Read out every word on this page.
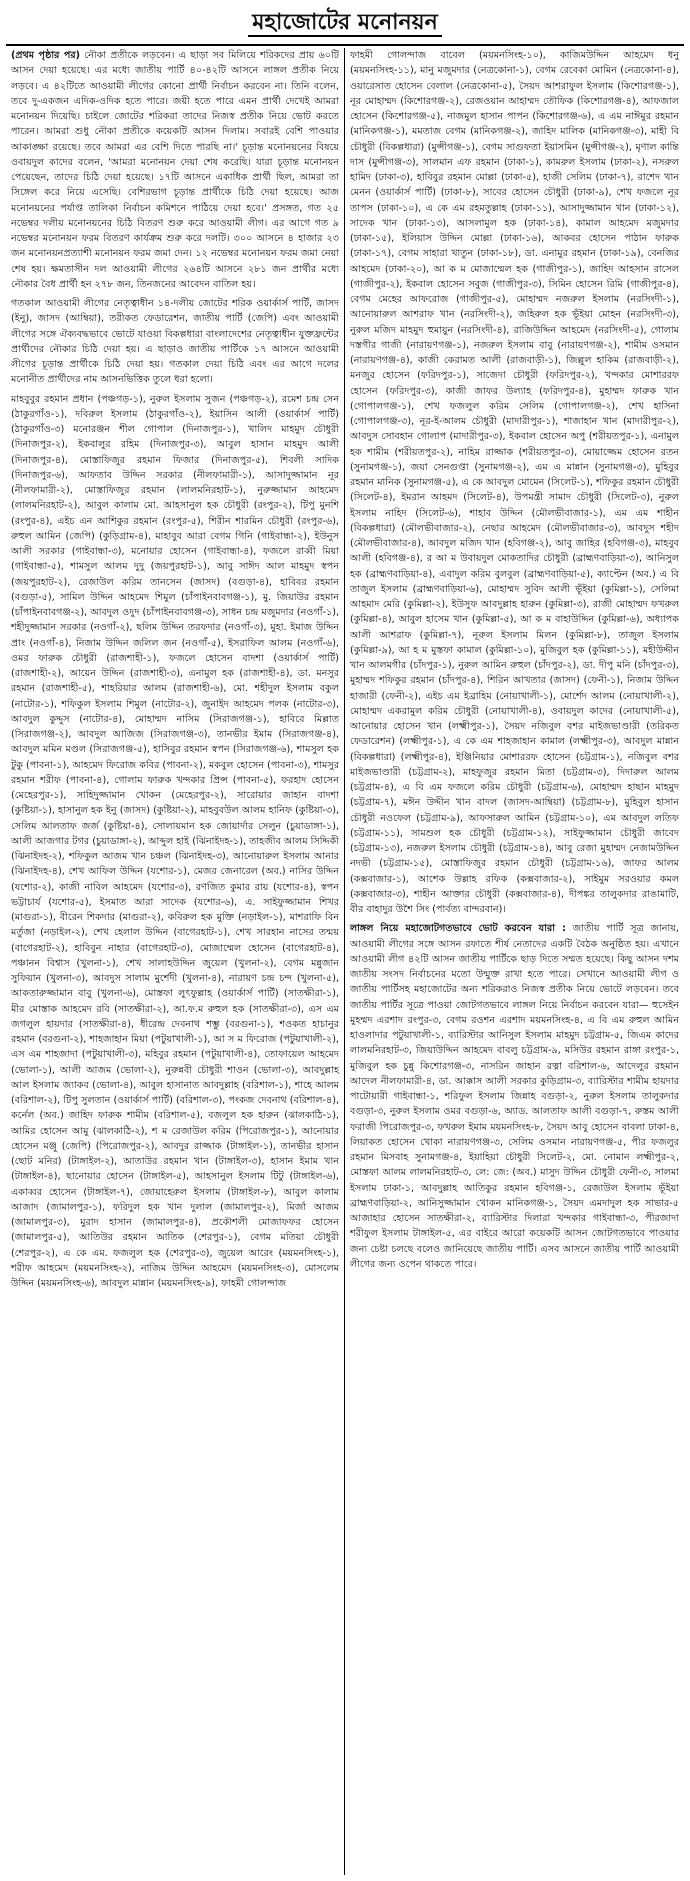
মহাজোটের মনোনয়ন

(প্রথম পৃষ্ঠার পর) নৌকা প্রতীকে লড়বেন। এ ছাড়া সব মিলিয়ে শরিকদের প্রায় ৬০টি আসন দেয়া হয়েছে। এর মধ্যে জাতীয় পার্টি ৪০-৪২টি আসনে লাঙ্গল প্রতীক নিয়ে লড়বে। এ ৪২টিতে আওয়ামী লীগের কোনো প্রার্থী নির্বাচন করবেন না। তিনি বলেন, তবে দু-একজন এদিক-ওদিক হতে পারে। জয়ী হতে পারে এমন প্রার্থী দেখেই আমরা মনোনয়ন দিয়েছি। চাইলে জোটের শরিকরা তাদের নিজস্ব প্রতীক নিয়ে ভোট করতে পারেন। আমরা শুধু নৌকা প্রতীকে কয়েকটি আসন দিলাম। সবারই বেশি পাওয়ার আকাঙ্ক্ষা রয়েছে। তবে আমরা এর বেশি দিতে পারছি না।' চূড়ান্ত মনোনয়নের বিষয়ে ওবায়দুল কাদের বলেন, 'আমরা মনোনয়ন দেয়া শেষ করেছি। যারা চূড়ান্ত মনোনয়ন পেয়েছেন, তাদের চিঠি দেয়া হয়েছে। ১৭টি আসনে একাধিক প্রার্থী ছিল, আমরা তা সিঙ্গেল করে নিয়ে এসেছি। বেশিরভাগ চূড়ান্ত প্রার্থীকে চিঠি দেয়া হয়েছে। আজ মনোনয়নের পর্যাপ্ত তালিকা নির্বাচন কমিশনে পাঠিয়ে দেয়া হবে।' প্রসঙ্গত, গত ২৫ নভেম্বর দলীয় মনোনয়নের চিঠি বিতরণ শুরু করে আওয়ামী লীগ। এর আগে গত ৯ নভেম্বর মনোনয়ন ফরম বিতরণ কার্যক্রম শুরু করে দলটি। ৩০০ আসনে ৪ হাজার ২৩ জন মনোনয়নপ্রত্যাশী মনোনয়ন ফরম জমা দেন। ১২ নভেম্বর মনোনয়ন ফরম জমা নেয়া শেষ হয়। ক্ষমতাসীন দল আওয়ামী লীগের ২৬৪টি আসনে ২৮১ জন প্রার্থীর মধ্যে নৌকার বৈধ প্রার্থী হন ২৭৮ জন, তিনজনের আবেদন বাতিল হয়।

গতকাল আওয়ামী লীগের নেতৃত্বাধীন ১৪-দলীয় জোটের শরিক ওয়ার্কার্স পার্টি, জাসদ (ইনু), জাসদ (আম্বিয়া), তরীকত ফেডারেশন, জাতীয় পার্টি (জেপি) এবং আওয়ামী লীগের সঙ্গে ঐক্যবদ্ধভাবে ভোটে যাওয়া বিকল্পধারা বাংলাদেশের নেতৃত্বাধীন যুক্তফ্রন্টের প্রার্থীদের নৌকার চিঠি দেয়া হয়। এ ছাড়াও জাতীয় পার্টিকে ১৭ আসনে আওয়ামী লীগের চূড়ান্ত প্রার্থীকে চিঠি দেয়া হয়। গতকাল দেয়া চিঠি এবং এর আগে দলের মনোনীত প্রার্থীদের নাম আসনভিত্তিক তুলে ধরা হলো।

মাহবুবুর রহমান প্রধান (পঞ্চগড়-১), নুরুল ইসলাম সুজন (পঞ্চগড়-২), রমেশ চন্দ্র সেন (ঠাকুরগাঁও-১), দবিরুল ইসলাম (ঠাকুরগাঁও-২), ইয়াসিন আলী (ওয়ার্কার্স পার্টি) (ঠাকুরগাঁও-৩) মনোরঞ্জন শীল গোপাল (দিনাজপুর-১), খালিদ মাহমুদ চৌধুরী (দিনাজপুর-২), ইকবালুর রহিম (দিনাজপুর-৩), আবুল হাসান মাহমুদ আলী (দিনাজপুর-৪), মোস্তাফিজুর রহমান ফিজার (দিনাজপুর-৫), শিবলী সাদিক (দিনাজপুর-৬), আফতাব উদ্দিন সরকার (নীলফামারী-১), আসাদুজ্জামান নূর (নীলফামারী-২), মোস্তাফিজুর রহমান (লালমনিরহাট-১), নুরুজ্জামান আহমেদ (লালমনিরহাট-২), আবুল কালাম মো. আহসানুল হক চৌধুরী (রংপুর-২), টিপু মুনশি (রংপুর-৪), এইচ এন আশিকুর রহমান (রংপুর-৫), শিরীন শারমিন চৌধুরী (রংপুর-৬), রুহুল আমিন (জেপি) (কুড়িগ্রাম-৪), মাহাবুব আরা বেগম গিনি (গাইবান্ধা-২), ইউনুস আলী সরকার (গাইবান্ধা-৩), মনোয়ার হোসেন (গাইবান্ধা-৪), ফজলে রাব্বী মিয়া (গাইবান্ধা-৫), শামসুল আলম দুদু (জয়পুরহাট-১), আবু সাঈদ আল মাহমুদ স্বপন (জয়পুরহাট-২), রেজাউল করিম তানসেন (জাসদ) (বগুড়া-৪), হাবিবর রহমান (বগুড়া-৫), সামিল উদ্দিন আহমেদ শিমুল (চাঁপাইনবাবগঞ্জ-১), মু. জিয়াউর রহমান (চাঁপাইনবাবগঞ্জ-২), আবদুল ওদুদ (চাঁপাইনবাবগঞ্জ-৩), সাধন চন্দ্র মজুমদার (নওগাঁ-১), শহীদুজ্জামান সরকার (নওগাঁ-২), ছলিম উদ্দিন তরফদার (নওগাঁ-৩), মুহা. ইমাজ উদ্দিন প্রাং (নওগাঁ-৪), নিজাম উদ্দিন জলিল জন (নওগাঁ-৫), ইসরাফিল আলম (নওগাঁ-৬), ওমর ফারুক চৌধুরী (রাজশাহী-১), ফজলে হোসেন বাদশা (ওয়ার্কার্স পার্টি) (রাজশাহী-২), আয়েন উদ্দিন (রাজশাহী-৩), এনামুল হক (রাজশাহী-৪), ডা. মনসুর রহমান (রাজশাহী-৫), শাহরিয়ার আলম (রাজশাহী-৬), মো. শহীদুল ইসলাম বকুল (নাটোর-১), শফিকুল ইসলাম শিমুল (নাটোর-২), জুনাইদ আহমেদ পলক (নাটোর-৩), আবদুল কুদ্দুস (নাটোর-৪), মোহাম্মদ নাসিম (সিরাজগঞ্জ-১), হাবিবে মিল্লাত (সিরাজগঞ্জ-২), আবদুল আজিজ (সিরাজগঞ্জ-৩), তানভীর ইমাম (সিরাজগঞ্জ-৪), আবদুল মমিন মণ্ডল (সিরাজগঞ্জ-৫), হাসিবুর রহমান স্বপন (সিরাজগঞ্জ-৬), শামসুল হক টুকু (পাবনা-১), আহমেদ ফিরোজ কবির (পাবনা-২), মকবুল হোসেন (পাবনা-৩), শামসুর রহমান শরীফ (পাবনা-৪), গোলাম ফারুক খন্দকার প্রিন্স (পাবনা-৫), ফরহাদ হোসেন (মেহেরপুর-১), সাহিদুজ্জামান খোকন (মেহেরপুর-২), সারোয়ার জাহান বাদশা (কুষ্টিয়া-১), হাসানুল হক ইনু (জাসদ) (কুষ্টিয়া-২), মাহবুবউল আলম হানিফ (কুষ্টিয়া-৩), সেলিম আলতাফ জর্জ (কুষ্টিয়া-৪), সোলায়মান হক জোয়ার্দার সেলুন (চুয়াডাঙ্গা-১), আলী আজগার টগর (চুয়াডাঙ্গা-২), আব্দুল হাই (ঝিনাইদহ-১), তাহজীব আলম সিদ্দিকী (ঝিনাইদহ-২), শফিকুল আজম খান চঞ্চল (ঝিনাইদহ-৩), আনোয়ারুল ইসলাম আনার (ঝিনাইদহ-৪), শেখ আফিল উদ্দিন (যশোর-১), মেজর জেনারেল (অব.) নাসির উদ্দিন (যশোর-২), কাজী নাবিল আহমেদ (যশোর-৩), রণজিত কুমার রায় (যশোর-৪), স্বপন ভট্টাচার্য (যশোর-৫), ইসমাত আরা সাদেক (যশোর-৬), এ. সাইফুজ্জামান শিখর (মাগুরা-১), বীরেন শিকদার (মাগুরা-২), কবিরুল হক মুক্তি (নড়াইল-১), মাশরাফি বিন মর্তুজা (নড়াইল-২), শেখ হেলাল উদ্দিন (বাগেরহাট-১), শেখ সারহান নাসের তন্ময় (বাগেরহাট-২), হাবিবুন নাহার (বাগেরহাট-৩), মোজাম্মেল হোসেন (বাগেরহাট-৪), পঞ্চানন বিশ্বাস (খুলনা-১), শেখ সালাহউদ্দিন জুয়েল (খুলনা-২), বেগম মন্নুজান সুফিয়ান (খুলনা-৩), আবদুস সালাম মুর্শেদী (খুলনা-৪), নারায়ণ চন্দ্র চন্দ (খুলনা-৫), আকতারুজ্জামান বাবু (খুলনা-৬), মোস্তফা লুৎফুল্লাহ (ওয়ার্কার্স পার্টি) (সাতক্ষীরা-১), মীর মোস্তাক আহমেদ রবি (সাতক্ষীরা-২), আ.ফ.ম রুহুল হক (সাতক্ষীরা-৩), এস এম জগলুল হায়দার (সাতক্ষীরা-৪), ধীরেন্দ্র দেবনাথ শম্ভু (বরগুনা-১), শওকত হাচানুর রহমান (বরগুনা-২), শাহজাহান মিয়া (পটুয়াখালী-১), আ স ম ফিরোজ (পটুয়াখালী-২), এস এম শাহজাদা (পটুয়াখালী-৩), মহিবুর রহমান (পটুয়াখালী-৪), তোফায়েল আহমেদ (ভোলা-১), আলী আজম (ভোলা-২), নুরুন্নবী চৌধুরী শাওন (ভোলা-৩), আবদুল্লাহ আল ইসলাম জ্যাকব (ভোলা-৪), আবুল হাসানাত আবদুল্লাহ (বরিশাল-১), শাহে আলম (বরিশাল-২), টিপু সুলতান (ওয়ার্কার্স পার্টি) (বরিশাল-৩), পংকজ দেবনাথ (বরিশাল-৪), কর্নেল (অব.) জাহিদ ফারুক শামীম (বরিশাল-৫), বজলুল হক হারুন (ঝালকাঠি-১), আমির হোসেন আমু (ঝালকাঠি-২), শ ম রেজাউল করিম (পিরোজপুর-১), আনোয়ার হোসেন মঞ্জু (জেপি) (পিরোজপুর-২), আবদুর রাজ্জাক (টাঙ্গাইল-১), তানভীর হাসান (ছোট মনির) (টাঙ্গাইল-২), আতাউর রহমান খান (টাঙ্গাইল-৩), হাসান ইমাম খান (টাঙ্গাইল-৪), ছানোয়ার হোসেন (টাঙ্গাইল-৫), আহসানুল ইসলাম টিটু (টাঙ্গাইল-৬), একাব্বর হোসেন (টাঙ্গাইল-৭), জোয়াহেরুল ইসলাম (টাঙ্গাইল-৮), আবুল কালাম আজাদ (জামালপুর-১), ফরিদুল হক খান দুলাল (জামালপুর-২), মির্জা আজম (জামালপুর-৩), মুরাদ হাসান (জামালপুর-৪), প্রকৌশলী মোজাফফর হোসেন (জামালপুর-৫), আতিউর রহমান আতিক (শেরপুর-১), বেগম মতিয়া চৌধুরী (শেরপুর-২), এ কে এম. ফজলুল হক (শেরপুর-৩), জুয়েল আরেং (ময়মনসিংহ-১), শরীফ আহমেদ (ময়মনসিংহ-২), নাজিম উদ্দিন আহমেদ (ময়মনসিংহ-৩), মোসলেম উদ্দিন (ময়মনসিংহ-৬), আবদুল মান্নান (ময়মনসিংহ-৯), ফাহমী গোলন্দাজ

ফাহমী গোলন্দাজ বাবেল (ময়মনসিংহ-১০), কাজিমউদ্দিন আহমেদ ধনু (ময়মনসিংহ-১১), মানু মজুমদার (নেত্রকোনা-১), বেগম রেবেকা মোমিন (নেত্রকোনা-৪), ওয়ারেসাত হোসেন বেলাল (নেত্রকোনা-৫), সৈয়দ আশরাফুল ইসলাম (কিশোরগঞ্জ-১), নূর মোহাম্মদ (কিশোরগঞ্জ-২), রেজওয়ান আহাম্মদ তৌফিক (কিশোরগঞ্জ-৪), আফজাল হোসেন (কিশোরগঞ্জ-৫), নাজমুল হাসান পাপন (কিশোরগঞ্জ-৬), এ এম নাঈমুর রহমান (মানিকগঞ্জ-১), মমতাজ বেগম (মানিকগঞ্জ-২), জাহিদ মালিক (মানিকগঞ্জ-৩), মাহী বি চৌধুরী (বিকল্পধারা) (মুন্সীগঞ্জ-১), বেগম সাগুফতা ইয়াসমিন (মুন্সীগঞ্জ-২), মৃণাল কান্তি দাস (মুন্সীগঞ্জ-৩), সালমান এফ রহমান (ঢাকা-১), কামরুল ইসলাম (ঢাকা-২), নসরুল হামিদ (ঢাকা-৩), হাবিবুর রহমান মোল্লা (ঢাকা-৫), হাজী সেলিম (ঢাকা-৭), রাশেদ খান মেনন (ওয়ার্কার্স পার্টি) (ঢাকা-৮), সাবের হোসেন চৌধুরী (ঢাকা-৯), শেখ ফজলে নূর তাপস (ঢাকা-১০), এ কে এম রহমতুল্লাহ (ঢাকা-১১), আসাদুজ্জামান খান (ঢাকা-১২), সাদেক খান (ঢাকা-১৩), আসলামুল হক (ঢাকা-১৪), কামাল আহমেদ মজুমদার (ঢাকা-১৫), ইলিয়াস উদ্দিন মোল্লা (ঢাকা-১৬), আকবর হোসেন পাঠান ফারুক (ঢাকা-১৭), বেগম সাহারা খাতুন (ঢাকা-১৮), ডা. এনামুর রহমান (ঢাকা-১৯), বেনজির আহমেদ (ঢাকা-২০), আ ক ম মোজাম্মেল হক (গাজীপুর-১), জাহিদ আহসান রাসেল (গাজীপুর-২), ইকবাল হোসেন সবুজ (গাজীপুর-৩), সিমিন হোসেন রিমি (গাজীপুর-৪), বেগম মেহের আফরোজ (গাজীপুর-৫), মোহাম্মদ নজরুল ইসলাম (নরসিংদী-১), আনোয়ারুল আশরাফ খান (নরসিংদী-২), জহিরুল হক ভূঁইয়া মোহন (নরসিংদী-৩), নুরুল মজিদ মাহমুদ হুমায়ুন (নরসিংদী-৪), রাজিউদ্দিন আহমেদ (নরসিংদী-৫), গোলাম দস্তগীর গাজী (নারায়ণগঞ্জ-১), নজরুল ইসলাম বাবু (নারায়ণগঞ্জ-২), শামীম ওসমান (নারায়ণগঞ্জ-৪), কাজী কেরামত আলী (রাজবাড়ী-১), জিল্লুল হাকিম (রাজবাড়ী-২), মনজুর হোসেন (ফরিদপুর-১), সাজেদা চৌধুরী (ফরিদপুর-২), খন্দকার মোশাররফ হোসেন (ফরিদপুর-৩), কাজী জাফর উল্যাহ (ফরিদপুর-৪), মুহাম্মদ ফারুক খান (গোপালগঞ্জ-১), শেখ ফজলুল করিম সেলিম (গোপালগঞ্জ-২), শেখ হাসিনা (গোপালগঞ্জ-৩), নূর-ই-আলম চৌধুরী (মাদারীপুর-১), শাজাহান খান (মাদারীপুর-২), আবদুস সোবহান গোলাপ (মাদারীপুর-৩), ইকবাল হোসেন অপু (শরীয়তপুর-১), এনামুল হক শামীম (শরীয়তপুর-২), নাহিম রাজ্জাক (শরীয়তপুর-৩), মোয়াজ্জেম হোসেন রতন (সুনামগঞ্জ-১), জয়া সেনগুপ্তা (সুনামগঞ্জ-২), এম এ মান্নান (সুনামগঞ্জ-৩), মুহিবুর রহমান মানিক (সুনামগঞ্জ-৫), এ কে আবদুল মোমেন (সিলেট-১), শফিকুর রহমান চৌধুরী (সিলেট-৪), ইমরান আহমদ (সিলেট-৪), উপমন্ত্রী সামাদ চৌধুরী (সিলেট-৩), নুরুল ইসলাম নাহিদ (সিলেট-৬), শাহাব উদ্দিন (মৌলভীবাজার-১), এম এম শাহীন (বিকল্পধারা) (মৌলভীবাজার-২), নেছার আহমেদ (মৌলভীবাজার-৩), আবদুস শহীদ (মৌলভীবাজার-৪), আবদুল মজিদ খান (হবিগঞ্জ-২), আবু জাহির (হবিগঞ্জ-৩), মাহবুব আলী (হবিগঞ্জ-৪), র আ ম উবায়দুল মোকতাদির চৌধুরী (ব্রাহ্মণবাড়িয়া-৩), আনিসুল হক (ব্রাহ্মণবাড়িয়া-৪), এবাদুল করিম বুলবুল (ব্রাহ্মণবাড়িয়া-৫), ক্যাপ্টেন (অব.) এ বি তাজুল ইসলাম (ব্রাহ্মণবাড়িয়া-৬), মোহাম্মদ সুবিদ আলী ভূঁইয়া (কুমিল্লা-১), সেলিমা আহমাদ মেরি (কুমিল্লা-২), ইউসুফ আবদুল্লাহ হারুন (কুমিল্লা-৩), রাজী মোহাম্মদ ফখরুল (কুমিল্লা-৪), আবুল হাসেম খান (কুমিল্লা-৫), আ ক ম বাহাউদ্দিন (কুমিল্লা-৬), অধ্যাপক আলী আশরাফ (কুমিল্লা-৭), নূরুল ইসলাম মিলন (কুমিল্লা-৮), তাজুল ইসলাম (কুমিল্লা-৯), আ হ ম মুস্তফা কামাল (কুমিল্লা-১০), মুজিবুল হক (কুমিল্লা-১১), মহীউদ্দীন খান আলমগীর (চাঁদপুর-১), নুরুল আমিন রুহুল (চাঁদপুর-২), ডা. দীপু মনি (চাঁদপুর-৩), মুহাম্মদ শফিকুর রহমান (চাঁদপুর-৪), শিরিন আখতার (জাসদ) (ফেনী-১), নিজাম উদ্দিন হাজারী (ফেনী-২), এইচ এম ইব্রাহিম (নোয়াখালী-১), মোর্শেদ আলম (নোয়াখালী-২), মোহাম্মদ একরামুল করিম চৌধুরী (নোয়াখালী-৪), ওবায়দুল কাদের (নোয়াখালী-৫), আনোয়ার হোসেন খান (লক্ষ্মীপুর-১), সৈয়দ নজিবুল বশর মাইজভাণ্ডারী (তরিকত ফেডারেশন) (লক্ষ্মীপুর-১), এ কে এম শাহজাহান কামাল (লক্ষ্মীপুর-৩), আবদুল মান্নান (বিকল্পধারা) (লক্ষ্মীপুর-৪), ইঞ্জিনিয়ার মোশাররফ হোসেন (চট্টগ্রাম-১), নজিবুল বশর মাইজভাণ্ডারী (চট্টগ্রাম-২), মাহফুজুর রহমান মিতা (চট্টগ্রাম-৩), দিদারুল আলম (চট্টগ্রাম-৪), এ বি এম ফজলে করিম চৌধুরী (চট্টগ্রাম-৬), মোহাম্মদ হাছান মাহমুদ (চট্টগ্রাম-৭), মঈন উদ্দীন খান বাদল (জাসদ-আম্বিয়া) (চট্টগ্রাম-৮), মুহিবুল হাসান চৌধুরী নওফেল (চট্টগ্রাম-৯), আফসারুল আমিন (চট্টগ্রাম-১০), এম আবদুল লতিফ (চট্টগ্রাম-১১), সামশুল হক চৌধুরী (চট্টগ্রাম-১২), সাইফুজ্জামান চৌধুরী জাবেদ (চট্টগ্রাম-১৩), নজরুল ইসলাম চৌধুরী (চট্টগ্রাম-১৪), আবু রেজা মুহাম্মদ নেজামউদ্দিন নদভী (চট্টগ্রাম-১৫), মোস্তাফিজুর রহমান চৌধুরী (চট্টগ্রাম-১৬), জাফর আলম (কক্সবাজার-১), আশেক উল্লাহ রফিক (কক্সবাজার-২), সাইমুম সরওয়ার কমল (কক্সবাজার-৩), শাহীন আক্তার চৌধুরী (কক্সবাজার-৪), দীপঙ্কর তালুকদার রাঙামাটি, বীর বাহাদুর উশৈ সিং (পার্বত্য বান্দরবান)।

লাঙ্গল নিয়ে মহাজোটগতভাবে ভোট করবেন যারা : জাতীয় পার্টি সূত্র জানায়, আওয়ামী লীগের সঙ্গে আসন রফাতে শীর্ষ নেতাদের একটি বৈঠক অনুষ্ঠিত হয়। এখানে আওয়ামী লীগ ৪২টি আসন জাতীয় পার্টিকে ছাড় দিতে সম্মত হয়েছে। কিছু আসন দশম জাতীয় সংসদ নির্বাচনের মতো উন্মুক্ত রাখা হতে পারে। সেখানে আওয়ামী লীগ ও জাতীয় পার্টিসহ মহাজোটের অন্য শরিকরাও নিজস্ব প্রতীক নিয়ে ভোটে লড়বেন। তবে জাতীয় পার্টির সূত্রে পাওয়া জোটগতভাবে লাঙ্গল নিয়ে নির্বাচন করবেন যারা— হুসেইন মুহম্মদ এরশাদ রংপুর-৩, বেগম রওশন এরশাদ ময়মনসিংহ-৪, এ বি এম রুহুল আমিন হাওলাদার পটুয়াখালী-১, ব্যারিস্টার আনিসুল ইসলাম মাহমুদ চট্টগ্রাম-৫, জিএম কাদের লালমনিরহাট-৩, জিয়াউদ্দিন আহমেদ বাবলু চট্টগ্রাম-৯, মসিউর রহমান রাঙ্গা রংপুর-১, মুজিবুল হক চুন্নু কিশোরগঞ্জ-৩, নাসরিন জাহান রত্না বরিশাল-৬, আদেলুর রহমান আদেল নীলফামারী-৪, ডা. আক্কাস আলী সরকার কুড়িগ্রাম-৩, ব্যারিস্টার শামীম হায়দার পাটোয়ারী গাইবান্ধা-১, শরিফুল ইসলাম জিন্নাহ বগুড়া-২, নুরুল ইসলাম তালুকদার বগুড়া-৩, নুরুল ইসলাম ওমর বগুড়া-৬, অ্যাড. আলতাফ আলী বগুড়া-৭, রুস্তম আলী ফরাজী পিরোজপুর-৩, ফখরুল ইমাম ময়মনসিংহ-৮, সৈয়দ আবু হোসেন বাবলা ঢাকা-৪, লিয়াকত হোসেন খোকা নারায়ণগঞ্জ-৩, সেলিম ওসমান নারায়ণগঞ্জ-৫, পীর ফজলুর রহমান মিসবাহ সুনামগঞ্জ-৪, ইয়াহিয়া চৌধুরী সিলেট-২, মো. নোমান লক্ষ্মীপুর-২, মোস্তফা আলম লালমনিরহাট-৩, লে: জে: (অব.) মাসুদ উদ্দিন চৌধুরী ফেনী-৩, সালমা ইসলাম ঢাকা-১, আবদুল্লাহ আতিকুর রহমান হবিগঞ্জ-১, রেজাউল ইসলাম ভূঁইয়া ব্রাহ্মণবাড়িয়া-২, আনিসুজ্জামান খোকন মানিকগঞ্জ-১, সৈয়দ এমদাদুল হক সাভার-৫ আজাহার হোসেন সাতক্ষীরা-২, ব্যারিস্টার দিলারা খন্দকার গাইবান্ধা-৩, পীরজাদা শরীফুল ইসলাম টাঙ্গাইল-৫, এর বাইরে আরো কয়েকটি আসন জোটগতভাবে পাওয়ার জন্য চেষ্টা চলছে বলেও জানিয়েছে জাতীয় পার্টি। এসব আসনে জাতীয় পার্টি আওয়ামী লীগের জন্য ওপেন থাকতে পারে।
